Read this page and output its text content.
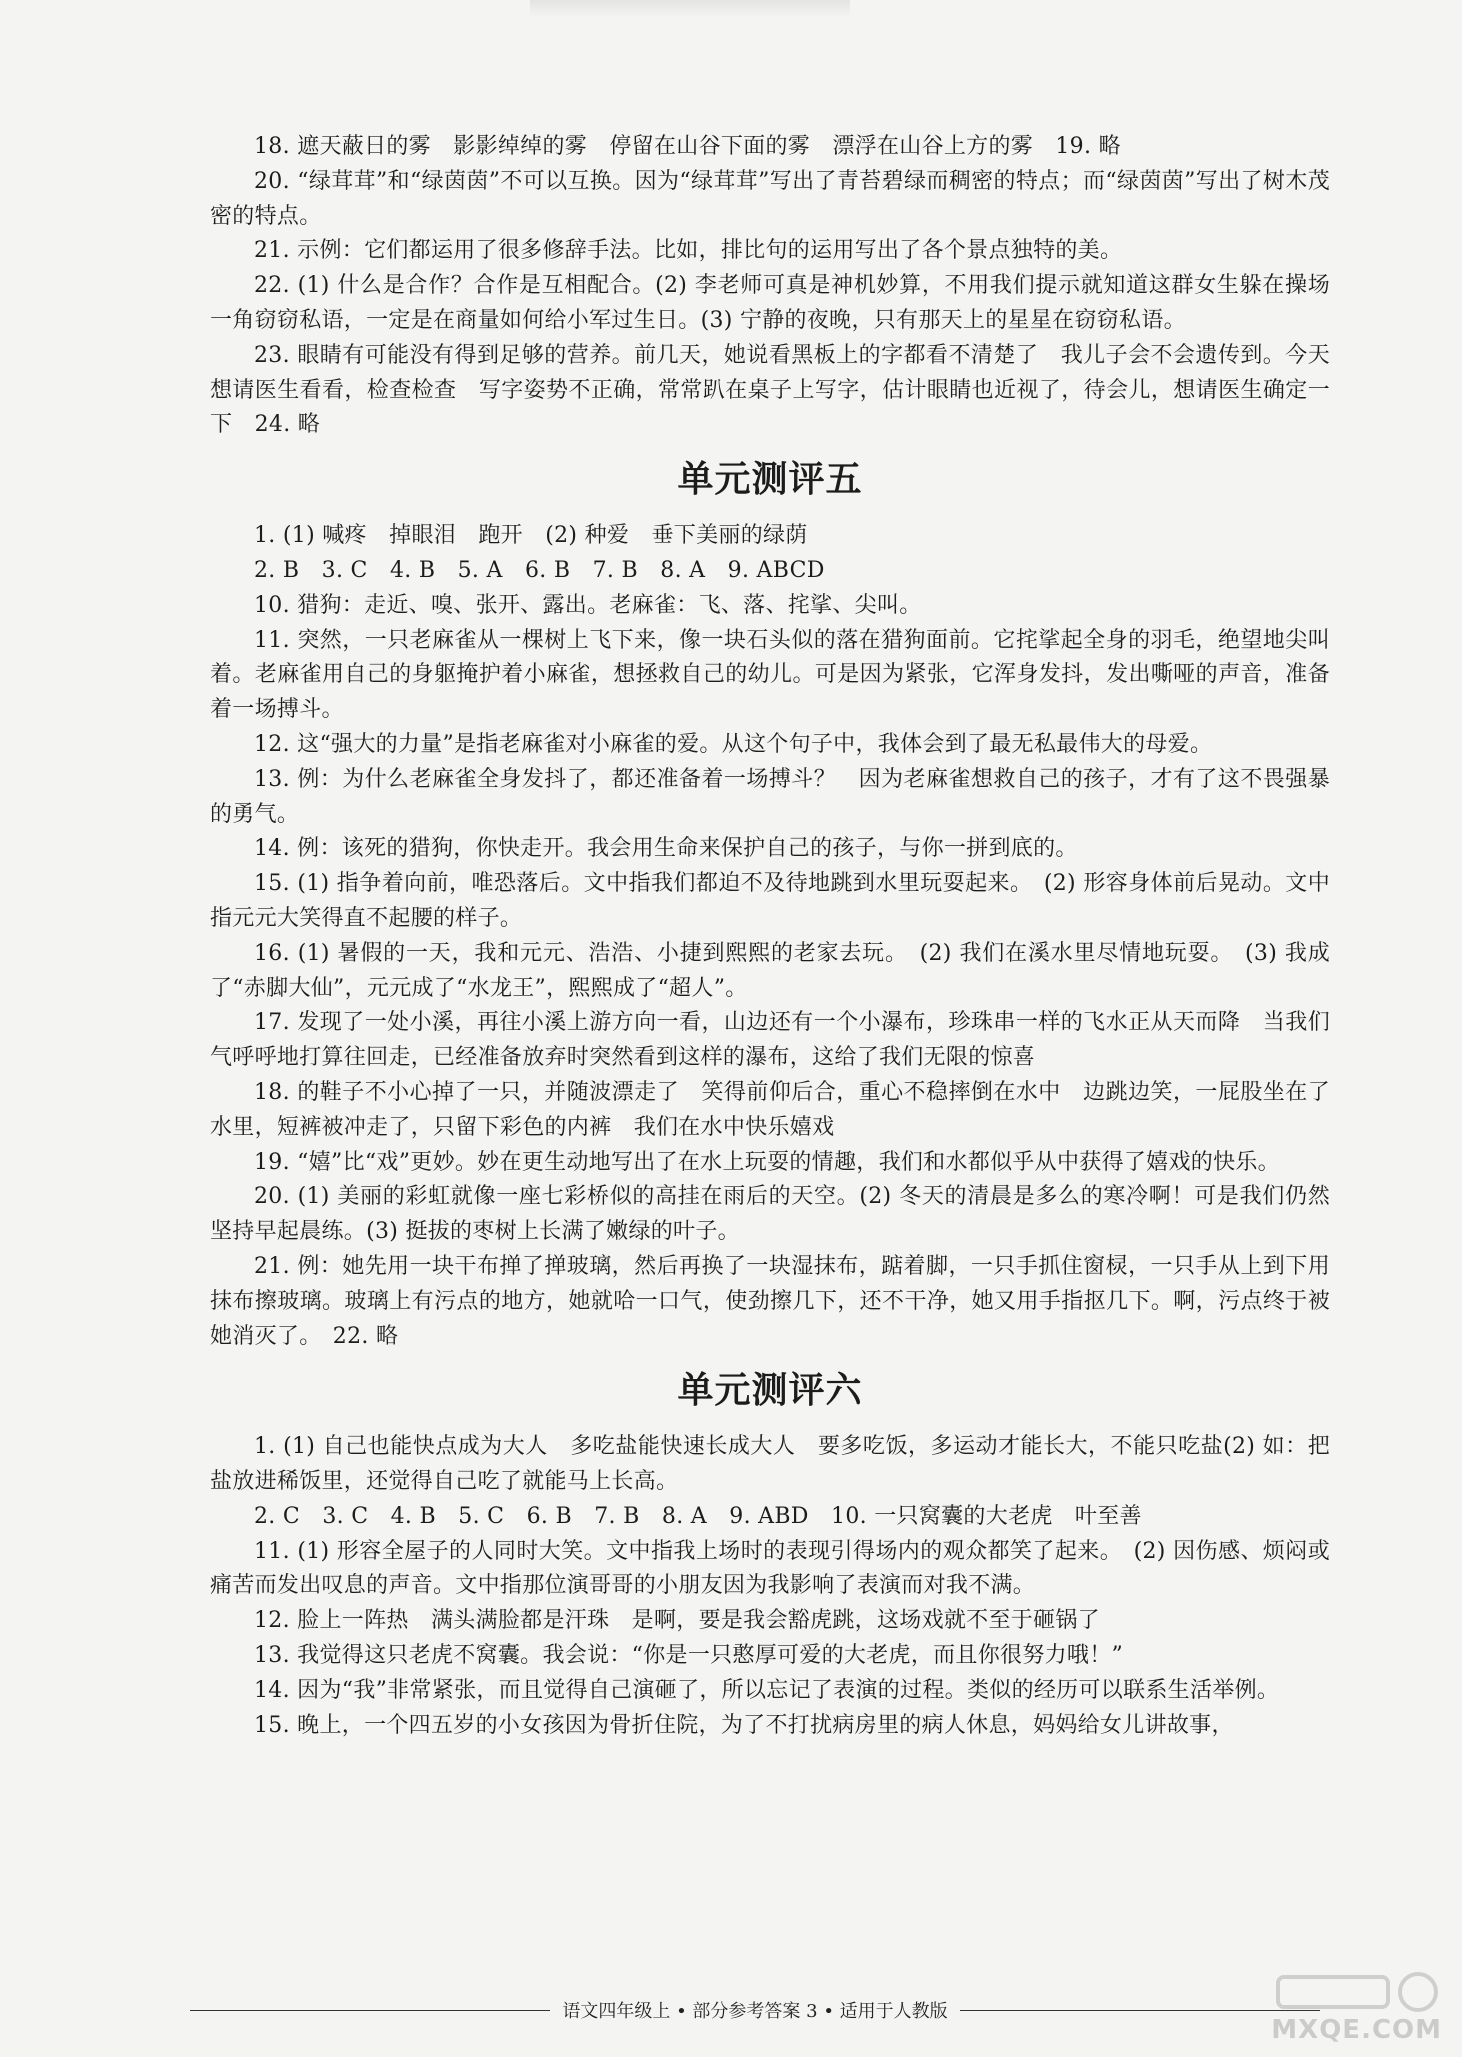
18. 遮天蔽日的雾　影影绰绰的雾　停留在山谷下面的雾　漂浮在山谷上方的雾　19. 略

20. “绿茸茸”和“绿茵茵”不可以互换。因为“绿茸茸”写出了青苔碧绿而稠密的特点；而“绿茵茵”写出了树木茂密的特点。

21. 示例：它们都运用了很多修辞手法。比如，排比句的运用写出了各个景点独特的美。

22. (1) 什么是合作？合作是互相配合。(2) 李老师可真是神机妙算，不用我们提示就知道这群女生躲在操场一角窃窃私语，一定是在商量如何给小军过生日。(3) 宁静的夜晚，只有那天上的星星在窃窃私语。

23. 眼睛有可能没有得到足够的营养。前几天，她说看黑板上的字都看不清楚了　我儿子会不会遗传到。今天想请医生看看，检查检查　写字姿势不正确，常常趴在桌子上写字，估计眼睛也近视了，待会儿，想请医生确定一下　24. 略

单元测评五

1. (1) 喊疼　掉眼泪　跑开　(2) 种爱　垂下美丽的绿荫

2. B　3. C　4. B　5. A　6. B　7. B　8. A　9. ABCD

10. 猎狗：走近、嗅、张开、露出。老麻雀：飞、落、挓挲、尖叫。

11. 突然，一只老麻雀从一棵树上飞下来，像一块石头似的落在猎狗面前。它挓挲起全身的羽毛，绝望地尖叫着。老麻雀用自己的身躯掩护着小麻雀，想拯救自己的幼儿。可是因为紧张，它浑身发抖，发出嘶哑的声音，准备着一场搏斗。

12. 这“强大的力量”是指老麻雀对小麻雀的爱。从这个句子中，我体会到了最无私最伟大的母爱。

13. 例：为什么老麻雀全身发抖了，都还准备着一场搏斗？　因为老麻雀想救自己的孩子，才有了这不畏强暴的勇气。

14. 例：该死的猎狗，你快走开。我会用生命来保护自己的孩子，与你一拼到底的。

15. (1) 指争着向前，唯恐落后。文中指我们都迫不及待地跳到水里玩耍起来。　(2) 形容身体前后晃动。文中指元元大笑得直不起腰的样子。

16. (1) 暑假的一天，我和元元、浩浩、小捷到熙熙的老家去玩。　(2) 我们在溪水里尽情地玩耍。　(3) 我成了“赤脚大仙”，元元成了“水龙王”，熙熙成了“超人”。

17. 发现了一处小溪，再往小溪上游方向一看，山边还有一个小瀑布，珍珠串一样的飞水正从天而降　当我们气呼呼地打算往回走，已经准备放弃时突然看到这样的瀑布，这给了我们无限的惊喜

18. 的鞋子不小心掉了一只，并随波漂走了　笑得前仰后合，重心不稳摔倒在水中　边跳边笑，一屁股坐在了水里，短裤被冲走了，只留下彩色的内裤　我们在水中快乐嬉戏

19. “嬉”比“戏”更妙。妙在更生动地写出了在水上玩耍的情趣，我们和水都似乎从中获得了嬉戏的快乐。

20. (1) 美丽的彩虹就像一座七彩桥似的高挂在雨后的天空。(2) 冬天的清晨是多么的寒冷啊！可是我们仍然坚持早起晨练。(3) 挺拔的枣树上长满了嫩绿的叶子。

21. 例：她先用一块干布掸了掸玻璃，然后再换了一块湿抹布，踮着脚，一只手抓住窗棂，一只手从上到下用抹布擦玻璃。玻璃上有污点的地方，她就哈一口气，使劲擦几下，还不干净，她又用手指抠几下。啊，污点终于被她消灭了。　22. 略

单元测评六

1. (1) 自己也能快点成为大人　多吃盐能快速长成大人　要多吃饭，多运动才能长大，不能只吃盐(2) 如：把盐放进稀饭里，还觉得自己吃了就能马上长高。

2. C　3. C　4. B　5. C　6. B　7. B　8. A　9. ABD　10. 一只窝囊的大老虎　叶至善

11. (1) 形容全屋子的人同时大笑。文中指我上场时的表现引得场内的观众都笑了起来。　(2) 因伤感、烦闷或痛苦而发出叹息的声音。文中指那位演哥哥的小朋友因为我影响了表演而对我不满。

12. 脸上一阵热　满头满脸都是汗珠　是啊，要是我会豁虎跳，这场戏就不至于砸锅了

13. 我觉得这只老虎不窝囊。我会说：“你是一只憨厚可爱的大老虎，而且你很努力哦！”

14. 因为“我”非常紧张，而且觉得自己演砸了，所以忘记了表演的过程。类似的经历可以联系生活举例。

15. 晚上，一个四五岁的小女孩因为骨折住院，为了不打扰病房里的病人休息，妈妈给女儿讲故事，

语文四年级上 • 部分参考答案 3 • 适用于人教版
MXQE.COM
